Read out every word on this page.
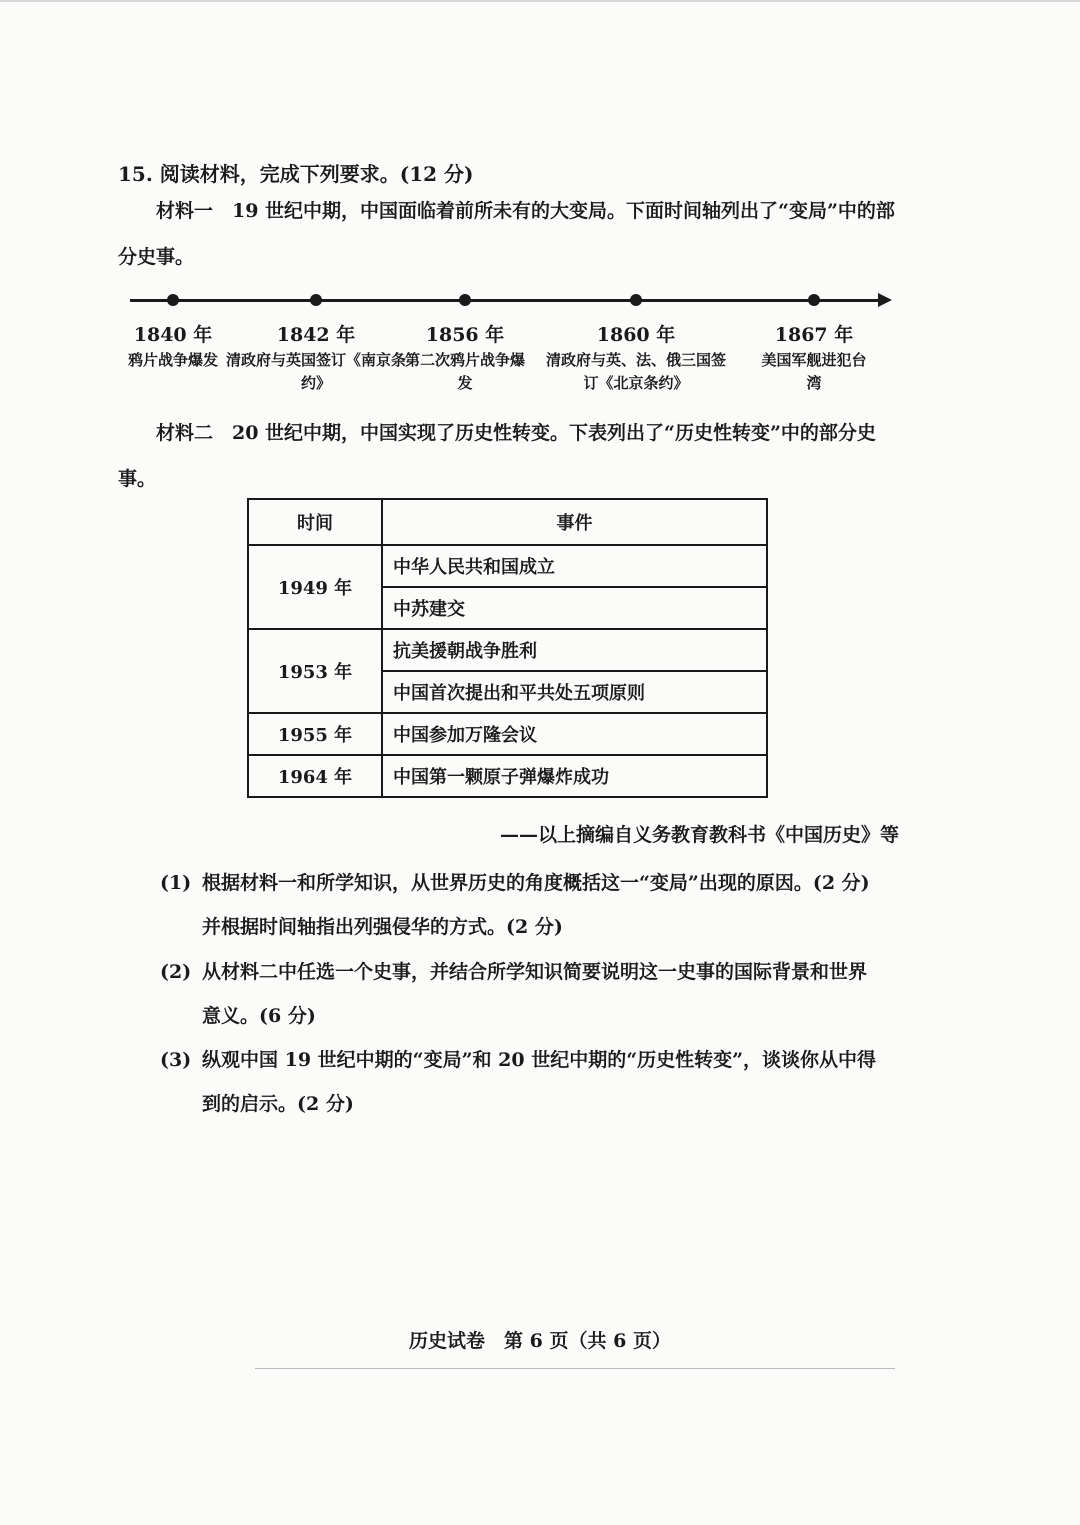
15. 阅读材料，完成下列要求。(12 分)
材料一　19 世纪中期，中国面临着前所未有的大变局。下面时间轴列出了“变局”中的部分史事。
1840 年
鸦片战争爆发
1842 年
清政府与英国签订《南京条约》
1856 年
第二次鸦片战争爆发
1860 年
清政府与英、法、俄三国签订《北京条约》
1867 年
美国军舰进犯台湾
材料二　20 世纪中期，中国实现了历史性转变。下表列出了“历史性转变”中的部分史事。
时间	事件
1949 年	中华人民共和国成立
	中苏建交
1953 年	抗美援朝战争胜利
	中国首次提出和平共处五项原则
1955 年	中国参加万隆会议
1964 年	中国第一颗原子弹爆炸成功
——以上摘编自义务教育教科书《中国历史》等
(1) 根据材料一和所学知识，从世界历史的角度概括这一“变局”出现的原因。(2 分)
并根据时间轴指出列强侵华的方式。(2 分)
(2) 从材料二中任选一个史事，并结合所学知识简要说明这一史事的国际背景和世界
意义。(6 分)
(3) 纵观中国 19 世纪中期的“变局”和 20 世纪中期的“历史性转变”，谈谈你从中得
到的启示。(2 分)
历史试卷　第 6 页（共 6 页）
